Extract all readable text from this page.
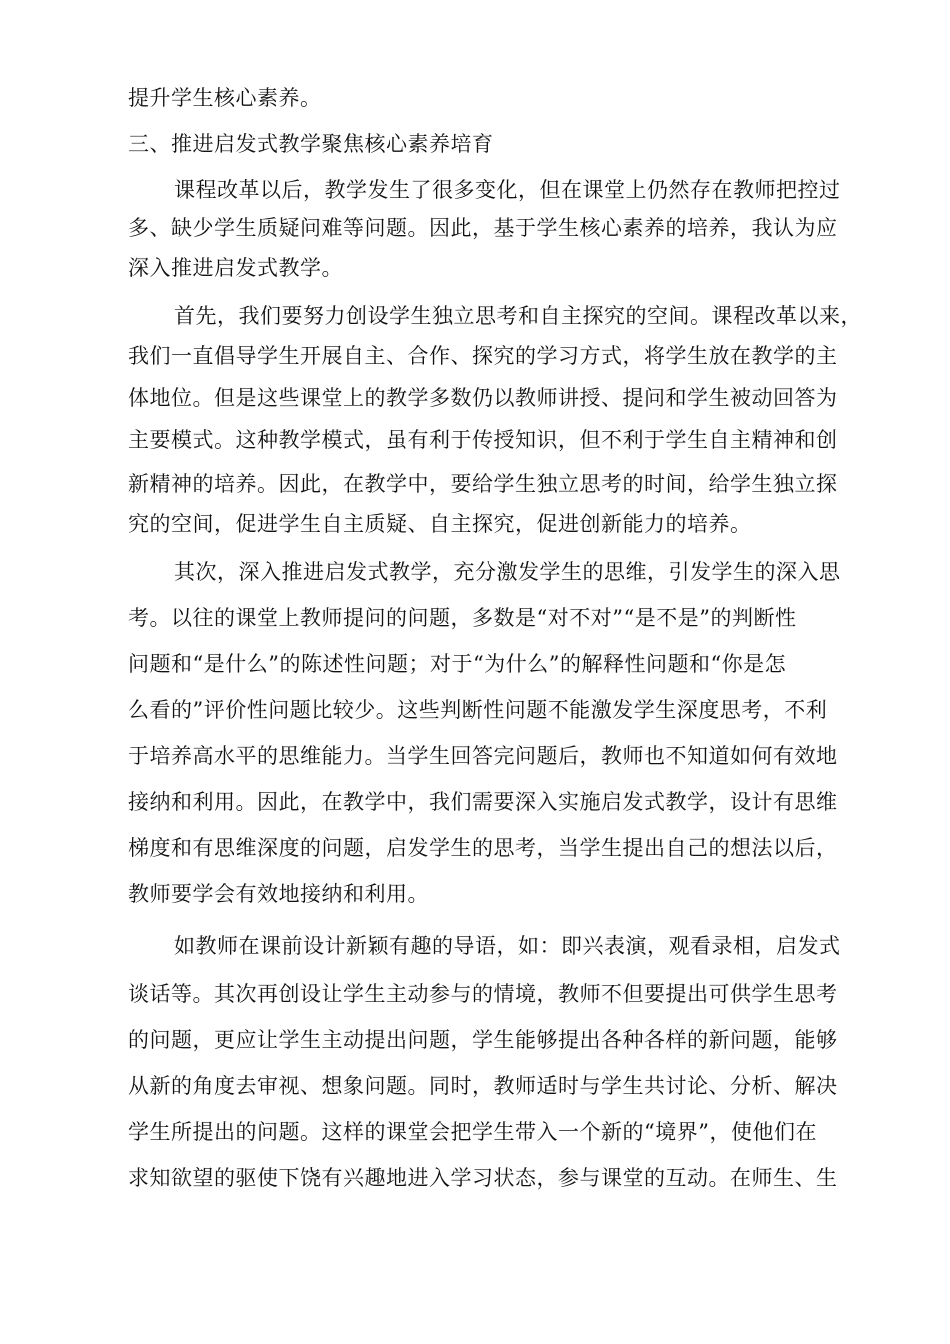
提升学生核心素养。
三、推进启发式教学聚焦核心素养培育
课程改革以后，教学发生了很多变化，但在课堂上仍然存在教师把控过
多、缺少学生质疑问难等问题。因此，基于学生核心素养的培养，我认为应
深入推进启发式教学。
首先，我们要努力创设学生独立思考和自主探究的空间。课程改革以来，
我们一直倡导学生开展自主、合作、探究的学习方式，将学生放在教学的主
体地位。但是这些课堂上的教学多数仍以教师讲授、提问和学生被动回答为
主要模式。这种教学模式，虽有利于传授知识，但不利于学生自主精神和创
新精神的培养。因此，在教学中，要给学生独立思考的时间，给学生独立探
究的空间，促进学生自主质疑、自主探究，促进创新能力的培养。
其次，深入推进启发式教学，充分激发学生的思维，引发学生的深入思
考。以往的课堂上教师提问的问题，多数是“对不对”“是不是”的判断性
问题和“是什么”的陈述性问题；对于“为什么”的解释性问题和“你是怎
么看的”评价性问题比较少。这些判断性问题不能激发学生深度思考，不利
于培养高水平的思维能力。当学生回答完问题后，教师也不知道如何有效地
接纳和利用。因此，在教学中，我们需要深入实施启发式教学，设计有思维
梯度和有思维深度的问题，启发学生的思考，当学生提出自己的想法以后，
教师要学会有效地接纳和利用。
如教师在课前设计新颖有趣的导语，如：即兴表演，观看录相，启发式
谈话等。其次再创设让学生主动参与的情境，教师不但要提出可供学生思考
的问题，更应让学生主动提出问题，学生能够提出各种各样的新问题，能够
从新的角度去审视、想象问题。同时，教师适时与学生共讨论、分析、解决
学生所提出的问题。这样的课堂会把学生带入一个新的“境界”，使他们在
求知欲望的驱使下饶有兴趣地进入学习状态，参与课堂的互动。在师生、生
